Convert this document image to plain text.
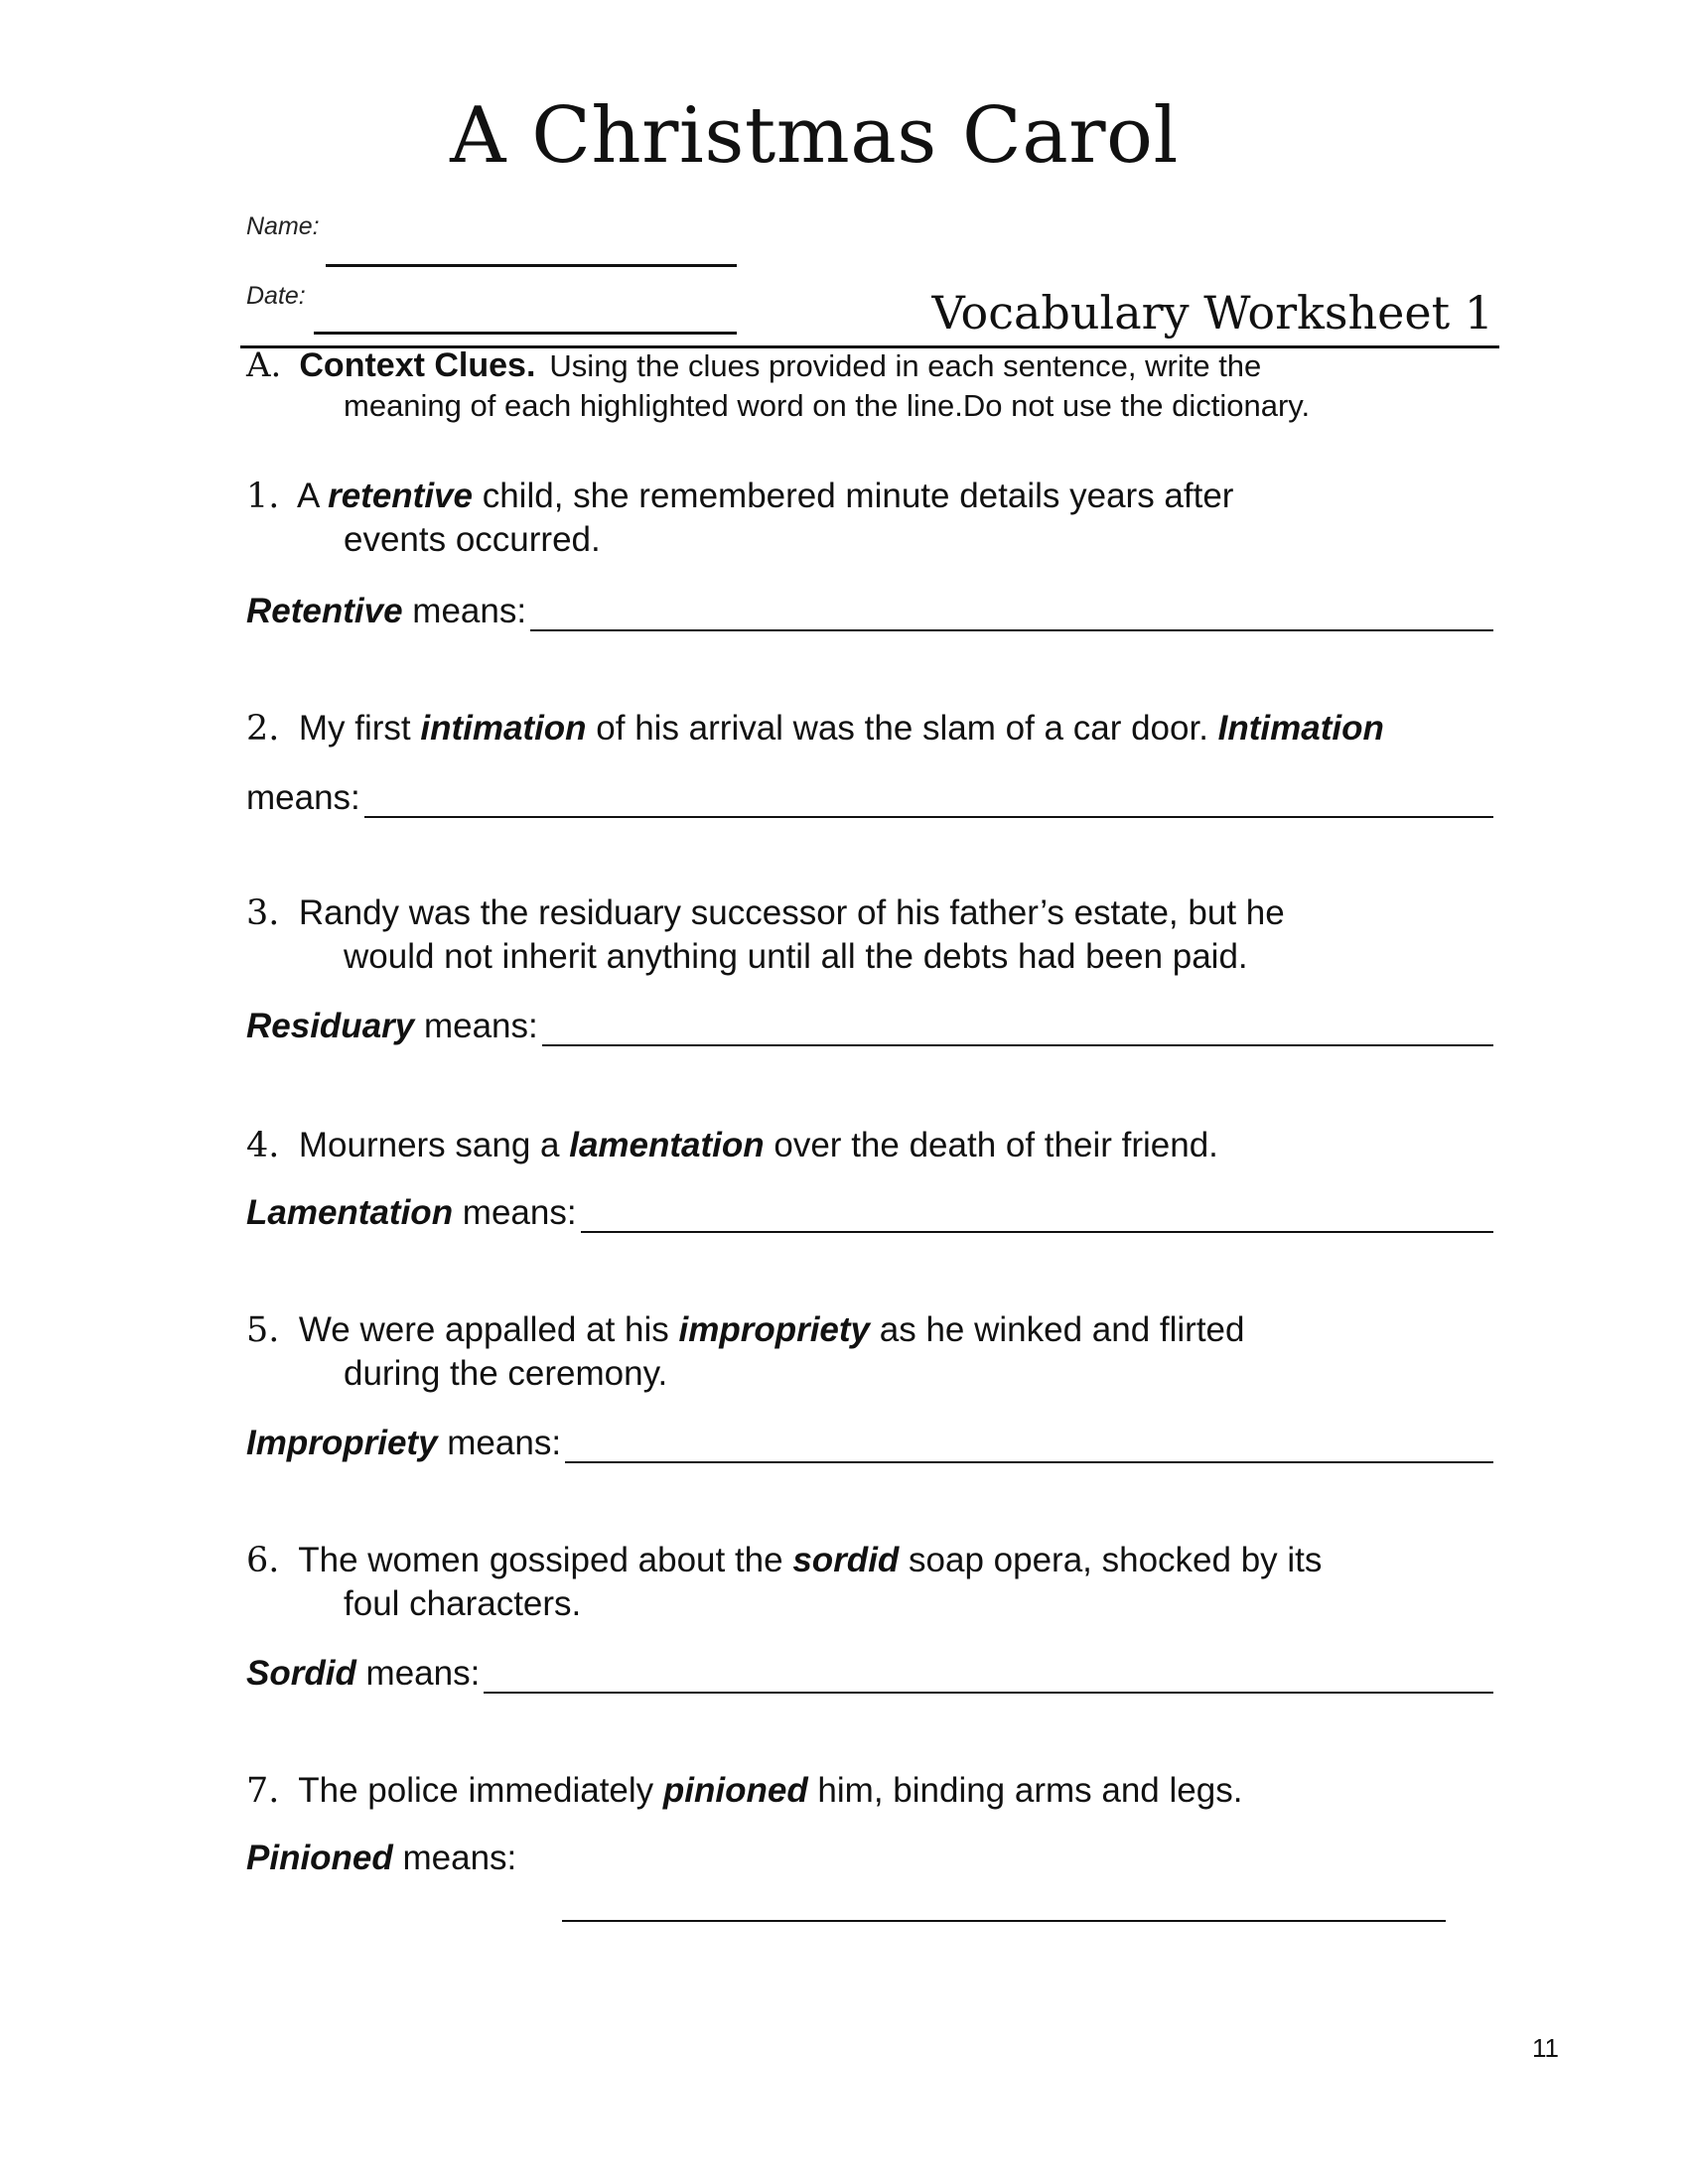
A Christmas Carol
Name:
Date:	Vocabulary Worksheet 1
A. Context Clues. Using the clues provided in each sentence, write the
meaning of each highlighted word on the line.Do not use the dictionary.
1. A retentive child, she remembered minute details years after
events occurred.
Retentive means:
2. My first intimation of his arrival was the slam of a car door. Intimation
means:
3. Randy was the residuary successor of his father’s estate, but he
would not inherit anything until all the debts had been paid.
Residuary means:
4. Mourners sang a lamentation over the death of their friend.
Lamentation means:
5. We were appalled at his impropriety as he winked and flirted
during the ceremony.
Impropriety means:
6. The women gossiped about the sordid soap opera, shocked by its
foul characters.
Sordid means:
7. The police immediately pinioned him, binding arms and legs.
Pinioned means:
11
